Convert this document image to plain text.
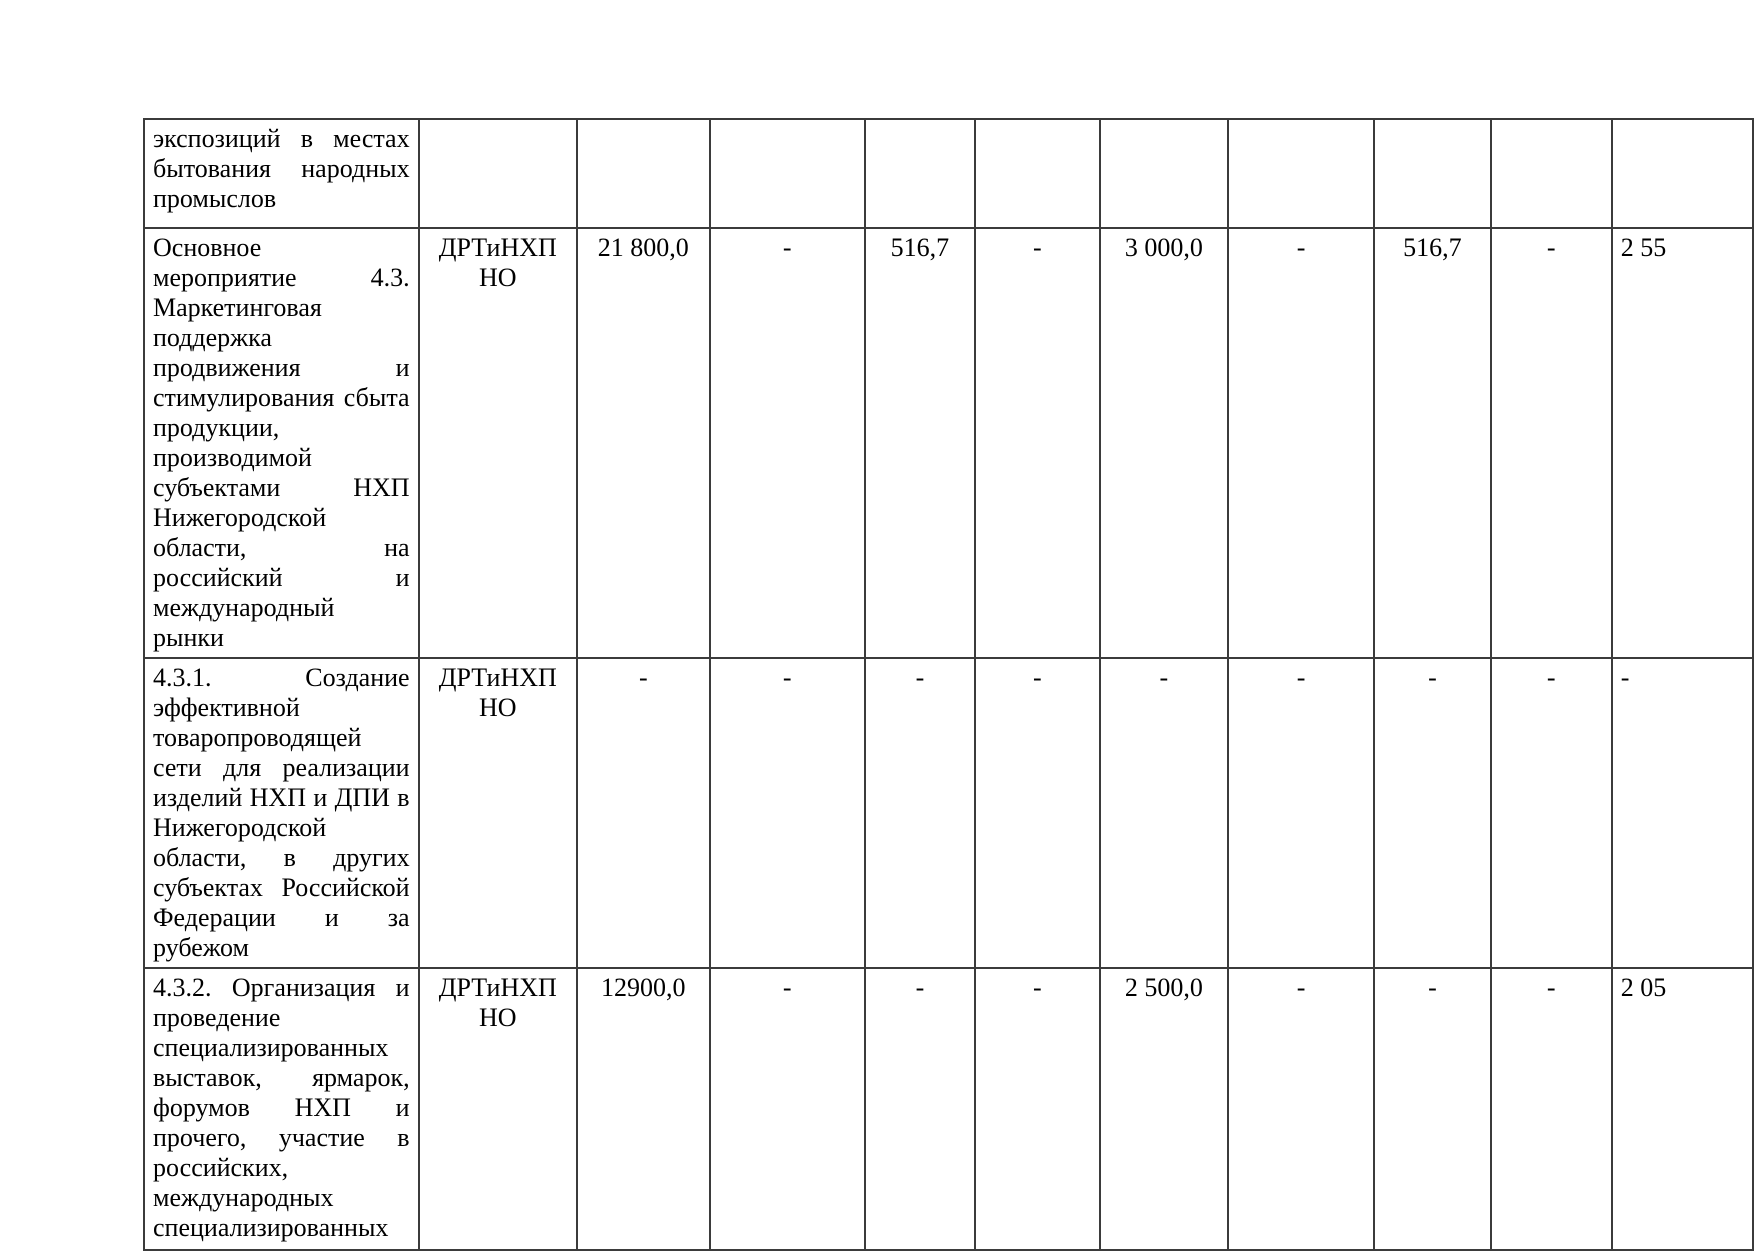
экспозиций в местах бытования народных промыслов										
Основное мероприятие 4.3. Маркетинговая поддержка продвижения и стимулирования сбыта продукции, производимой субъектами НХП Нижегородской области, на российский и международный рынки	ДРТиНХП НО	21 800,0	-	516,7	-	3 000,0	-	516,7	-	2 55
4.3.1. Создание эффективной товаропроводящей сети для реализации изделий НХП и ДПИ в Нижегородской области, в других субъектах Российской Федерации и за рубежом	ДРТиНХП НО	-	-	-	-	-	-	-	-	-
4.3.2. Организация и проведение специализированных выставок, ярмарок, форумов НХП и прочего, участие в российских, международных специализированных	ДРТиНХП НО	12900,0	-	-	-	2 500,0	-	-	-	2 05
